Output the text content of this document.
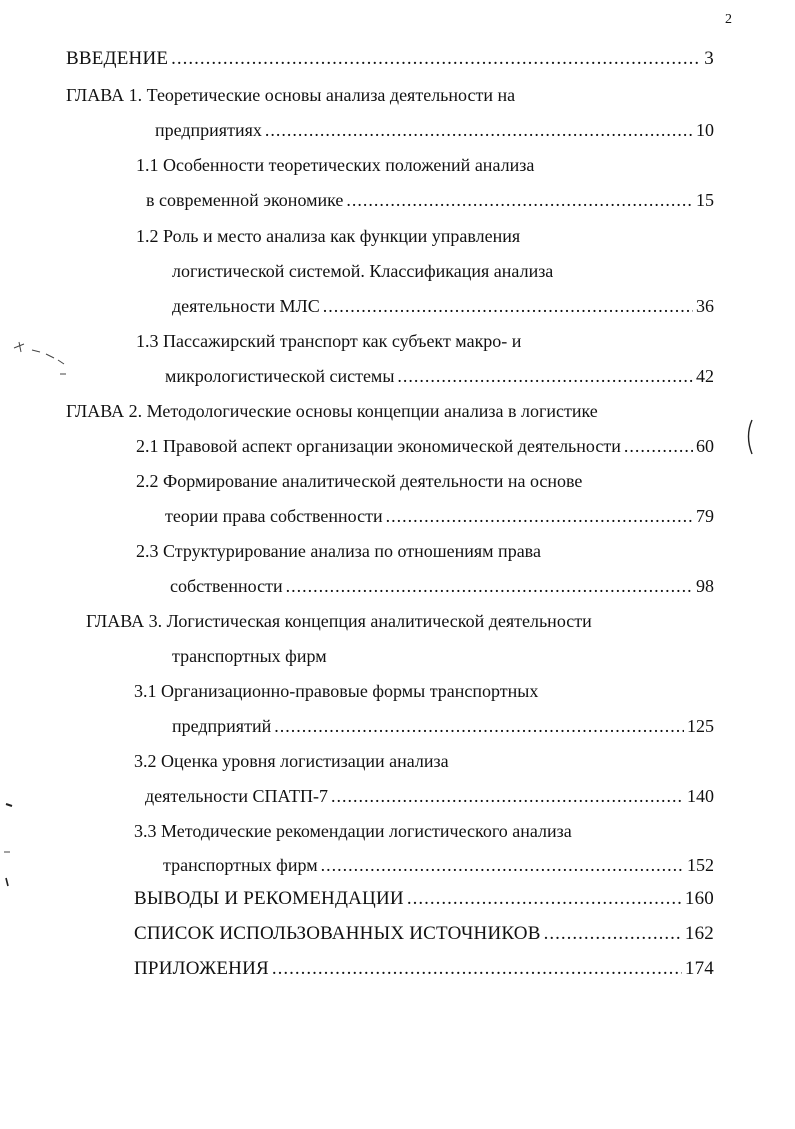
2
ВВЕДЕНИЕ .....	3
ГЛАВА 1. Теоретические основы анализа деятельности на
предприятиях .....	10
1.1 Особенности теоретических положений анализа
в современной экономике .....	15
1.2 Роль и место анализа как функции управления
логистической системой. Классификация анализа
деятельности МЛС .....	36
1.3 Пассажирский транспорт как субъект макро- и
микрологистической системы .....	42
ГЛАВА 2. Методологические основы концепции анализа в логистике
2.1 Правовой аспект организации экономической деятельности .....	60
2.2 Формирование аналитической деятельности на основе
теории права собственности .....	79
2.3 Структурирование анализа по отношениям права
собственности .....	98
ГЛАВА 3. Логистическая концепция аналитической деятельности
транспортных фирм
3.1 Организационно-правовые формы транспортных
предприятий .....	125
3.2 Оценка уровня логистизации анализа
деятельности СПАТП-7 .....	140
3.3 Методические рекомендации логистического анализа
транспортных фирм .....	152
ВЫВОДЫ И РЕКОМЕНДАЦИИ .....	160
СПИСОК ИСПОЛЬЗОВАННЫХ ИСТОЧНИКОВ .....	162
ПРИЛОЖЕНИЯ .....	174
